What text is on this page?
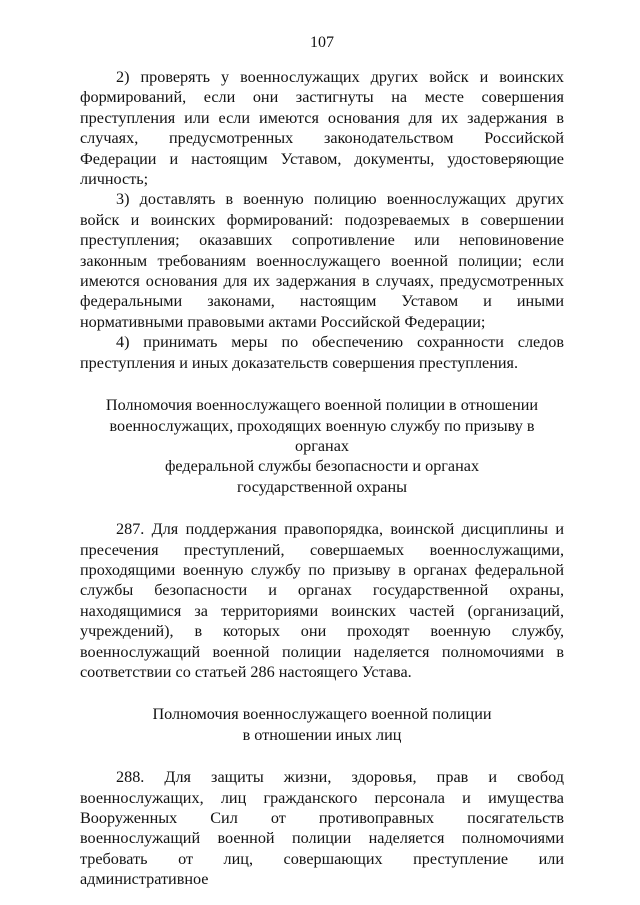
107

2) проверять у военнослужащих других войск и воинских формирований, если они застигнуты на месте совершения преступления или если имеются основания для их задержания в случаях, предусмотренных законодательством Российской Федерации и настоящим Уставом, документы, удостоверяющие личность;

3) доставлять в военную полицию военнослужащих других войск и воинских формирований: подозреваемых в совершении преступления; оказавших сопротивление или неповиновение законным требованиям военнослужащего военной полиции; если имеются основания для их задержания в случаях, предусмотренных федеральными законами, настоящим Уставом и иными нормативными правовыми актами Российской Федерации;

4) принимать меры по обеспечению сохранности следов преступления и иных доказательств совершения преступления.

Полномочия военнослужащего военной полиции в отношении
военнослужащих, проходящих военную службу по призыву в органах
федеральной службы безопасности и органах
государственной охраны

287. Для поддержания правопорядка, воинской дисциплины и пресечения преступлений, совершаемых военнослужащими, проходящими военную службу по призыву в органах федеральной службы безопасности и органах государственной охраны, находящимися за территориями воинских частей (организаций, учреждений), в которых они проходят военную службу, военнослужащий военной полиции наделяется полномочиями в соответствии со статьей 286 настоящего Устава.

Полномочия военнослужащего военной полиции
в отношении иных лиц

288. Для защиты жизни, здоровья, прав и свобод военнослужащих, лиц гражданского персонала и имущества Вооруженных Сил от противоправных посягательств военнослужащий военной полиции наделяется полномочиями требовать от лиц, совершающих преступление или административное
